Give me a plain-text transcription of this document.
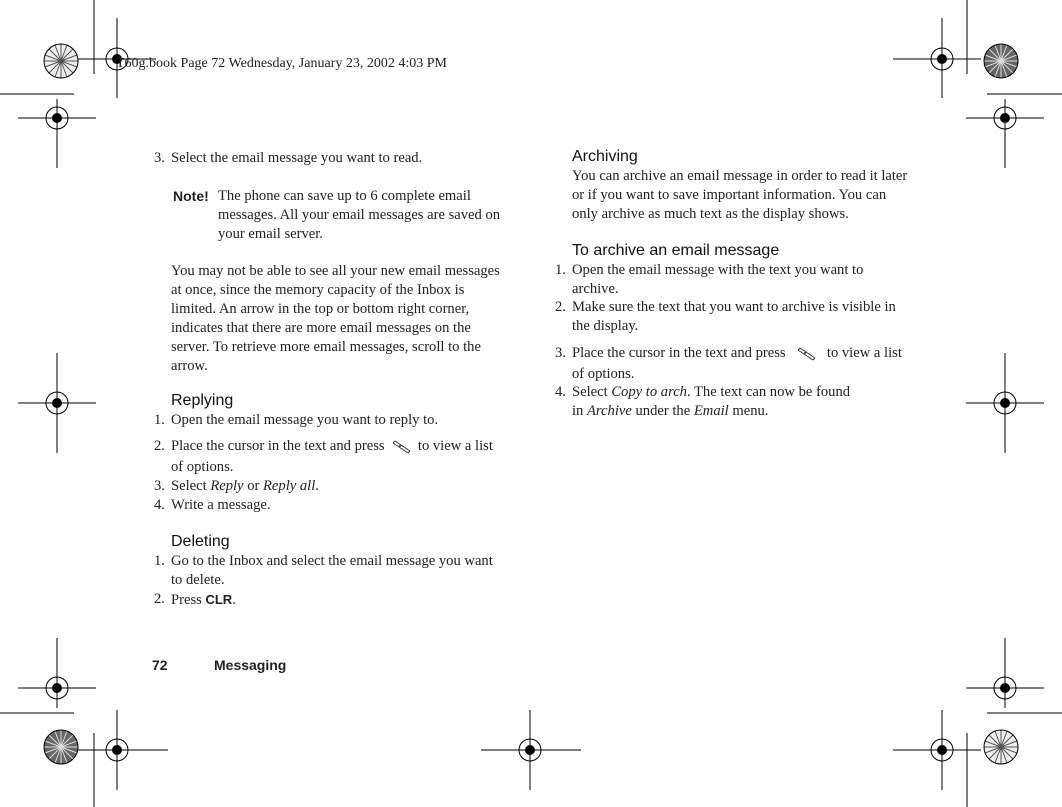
T60g.book Page 72 Wednesday, January 23, 2002 4:03 PM
3. Select the email message you want to read.
Note! The phone can save up to 6 complete email
messages. All your email messages are saved on
your email server.
You may not be able to see all your new email messages
at once, since the memory capacity of the Inbox is
limited. An arrow in the top or bottom right corner,
indicates that there are more email messages on the
server. To retrieve more email messages, scroll to the
arrow.
Replying
1. Open the email message you want to reply to.
2. Place the cursor in the text and press to view a list
of options.
3. Select Reply or Reply all.
4. Write a message.
Deleting
1. Go to the Inbox and select the email message you want
to delete.
2. Press CLR.
Archiving
You can archive an email message in order to read it later
or if you want to save important information. You can
only archive as much text as the display shows.
To archive an email message
1. Open the email message with the text you want to
archive.
2. Make sure the text that you want to archive is visible in
the display.
3. Place the cursor in the text and press	to view a list
of options.
4. Select Copy to arch. The text can now be found
in Archive under the Email menu.
72	Messaging
